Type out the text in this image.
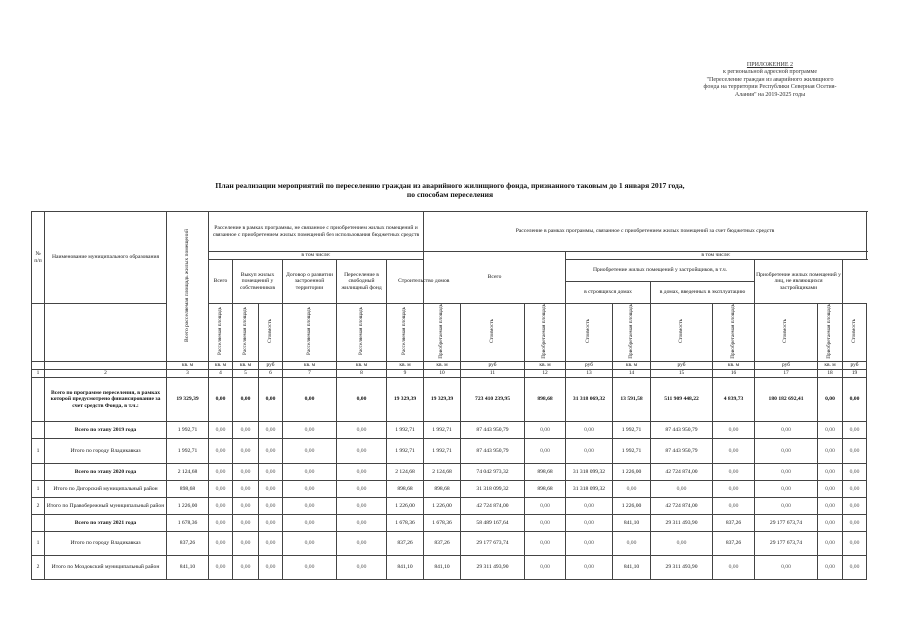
ПРИЛОЖЕНИЕ 2
к региональной адресной программе
"Переселение граждан из аварийного жилищного
фонда на территории Республики Северная Осетия-
Алания" на 2019-2025 годы
План реализации мероприятий по переселению граждан из аварийного жилищного фонда, признанного таковым до 1 января 2017 года,
по способам переселения
№ п/п	Наименование муниципального образования	Всего расселяемая площадь жилых помещений	Расселение в рамках программы, не связанное с приобретением жилых помещений и связанное с приобретением жилых помещений без использования бюджетных средств						Расселение в рамках программы, связанное с приобретением жилых помещений за счет бюджетных средств									
			в том числе:						Всего			в том числе:						
			Всего	Выкуп жилых помещений у собственников		Договор о развитии застроенной территории	Переселение в свободный жилищный фонд	Строительство домов				Приобретение жилых помещений у застройщиков, в т.ч.				Приобретение жилых помещений у лиц, не являющихся застройщиками		
												в строящихся домах		в домах, введенных в эксплуатацию				
			Расселяемая площадь	Расселяемая площадь	Стоимость	Расселяемая площадь	Расселяемая площадь	Расселяемая площадь	Приобретаемая площадь	Стоимость	Приобретаемая площадь	Стоимость	Приобретаемая площадь	Стоимость	Приобретаемая площадь	Стоимость	Приобретаемая площадь	Стоимость
		кв. м	кв. м	кв. м	руб	кв. м	кв. м	кв. м	кв. м	руб	кв. м	руб	кв. м	руб	кв. м	руб	кв. м	руб
1	2	3	4	5	6	7	8	9	10	11	12	13	14	15	16	17	18	19
	Всего по программе переселения, в рамках которой предусмотрено финансирование за счет средств Фонда, в т.ч.:	19 329,39	0,00	0,00	0,00	0,00	0,00	19 329,39	19 329,39	723 410 239,95	898,68	31 318 069,32	13 591,58	511 909 448,22	4 839,73	180 182 692,41	0,00	0,00
	Всего по этапу 2019 года	1 992,71	0,00	0,00	0,00	0,00	0,00	1 992,71	1 992,71	87 443 950,79	0,00	0,00	1 992,71	87 443 950,79	0,00	0,00	0,00	0,00
1	Итого по городу Владикавказ	1 992,71	0,00	0,00	0,00	0,00	0,00	1 992,71	1 992,71	87 443 950,79	0,00	0,00	1 992,71	87 443 950,79	0,00	0,00	0,00	0,00
	Всего по этапу 2020 года	2 124,68	0,00	0,00	0,00	0,00	0,00	2 124,68	2 124,68	74 042 973,32	898,68	31 318 099,32	1 226,00	42 724 874,00	0,00	0,00	0,00	0,00
1	Итого по Дигорский муниципальный район	898,68	0,00	0,00	0,00	0,00	0,00	898,68	898,68	31 318 099,32	898,68	31 318 099,32	0,00	0,00	0,00	0,00	0,00	0,00
2	Итого по Правобережный муниципальный район	1 226,00	0,00	0,00	0,00	0,00	0,00	1 226,00	1 226,00	42 724 874,00	0,00	0,00	1 226,00	42 724 874,00	0,00	0,00	0,00	0,00
	Всего по этапу 2021 года	1 678,36	0,00	0,00	0,00	0,00	0,00	1 678,36	1 678,36	58 489 167,64	0,00	0,00	841,10	29 311 493,90	837,26	29 177 673,74	0,00	0,00
1	Итого по городу Владикавказ	837,26	0,00	0,00	0,00	0,00	0,00	837,26	837,26	29 177 673,74	0,00	0,00	0,00	0,00	837,26	29 177 673,74	0,00	0,00
2	Итого по Моздокский муниципальный район	841,10	0,00	0,00	0,00	0,00	0,00	841,10	841,10	29 311 493,90	0,00	0,00	841,10	29 311 493,90	0,00	0,00	0,00	0,00
